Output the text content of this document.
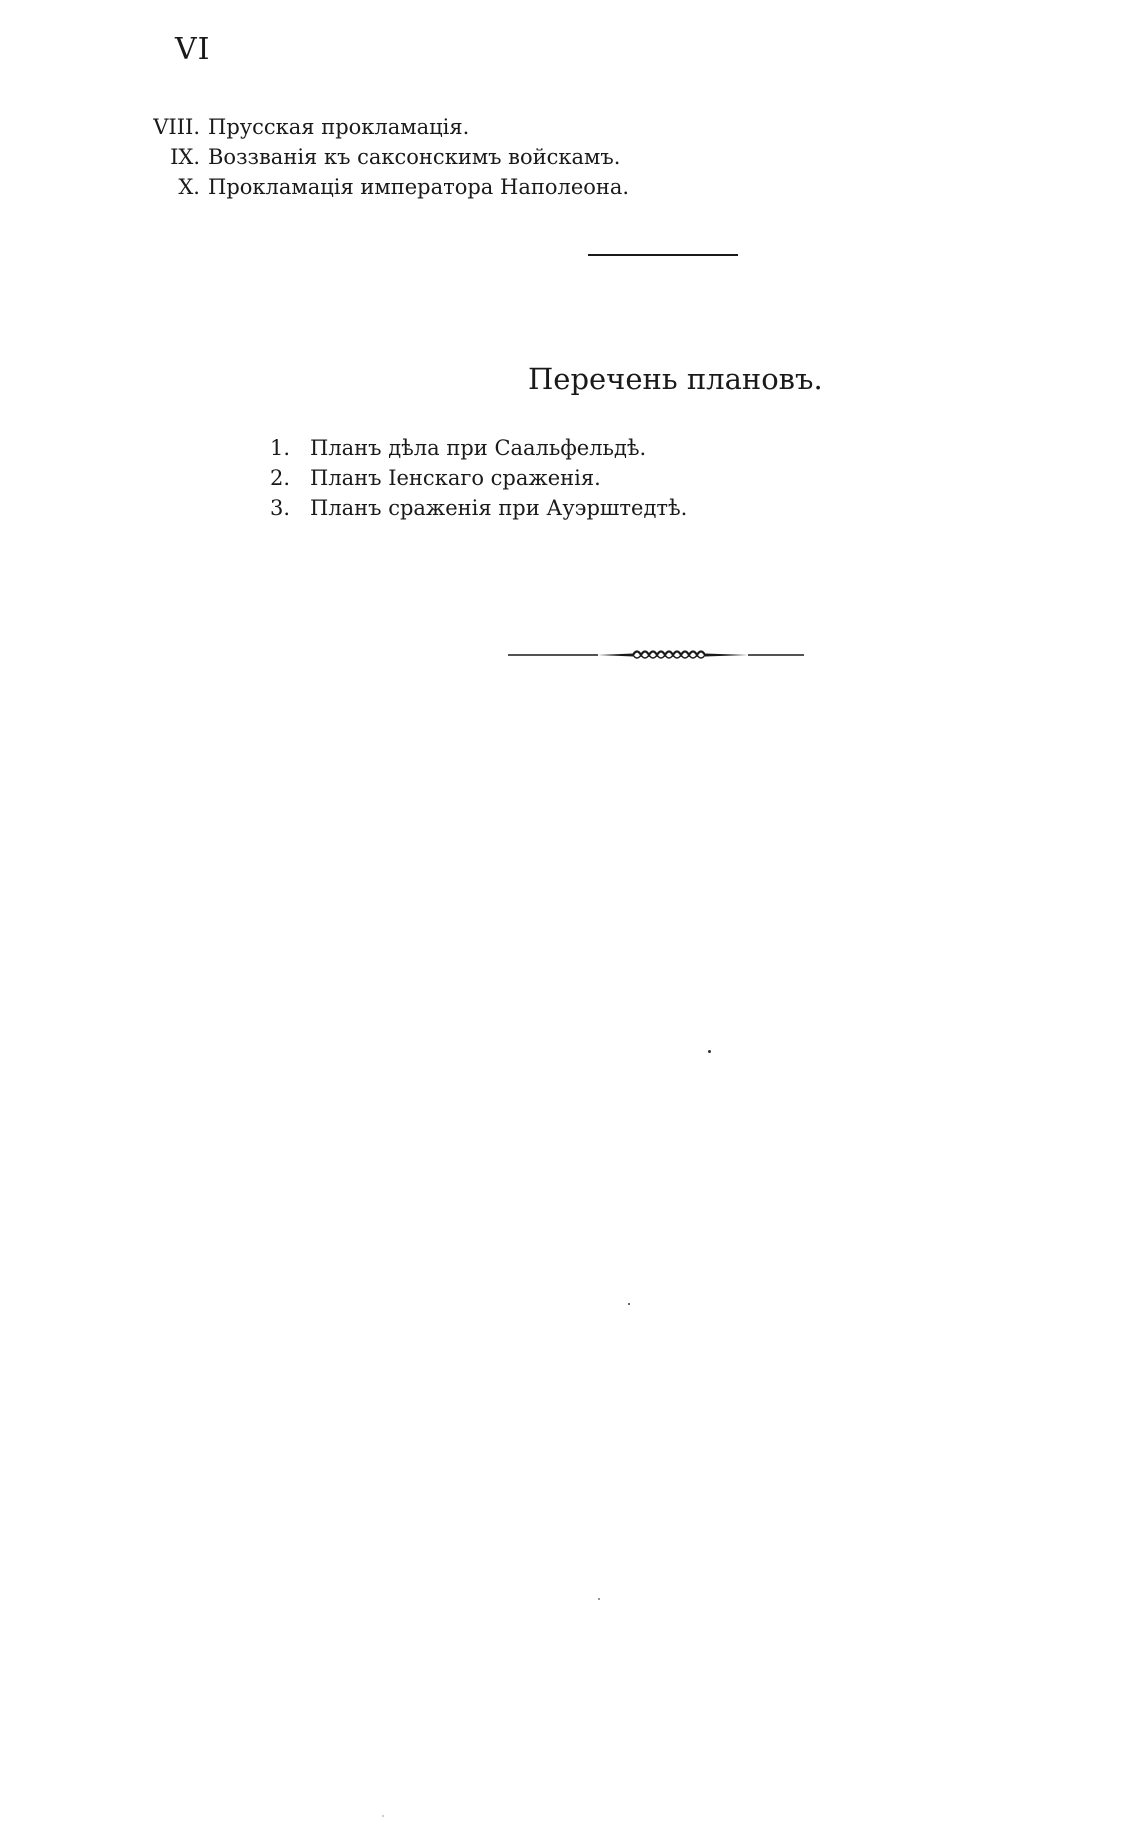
VI
VIII. Прусская прокламація.
IX. Воззванія къ саксонскимъ войскамъ.
X. Прокламація императора Наполеона.
Перечень плановъ.
1. Планъ дѣла при Саальфельдѣ.
2. Планъ Іенскаго сраженія.
3. Планъ сраженія при Ауэрштедтѣ.
